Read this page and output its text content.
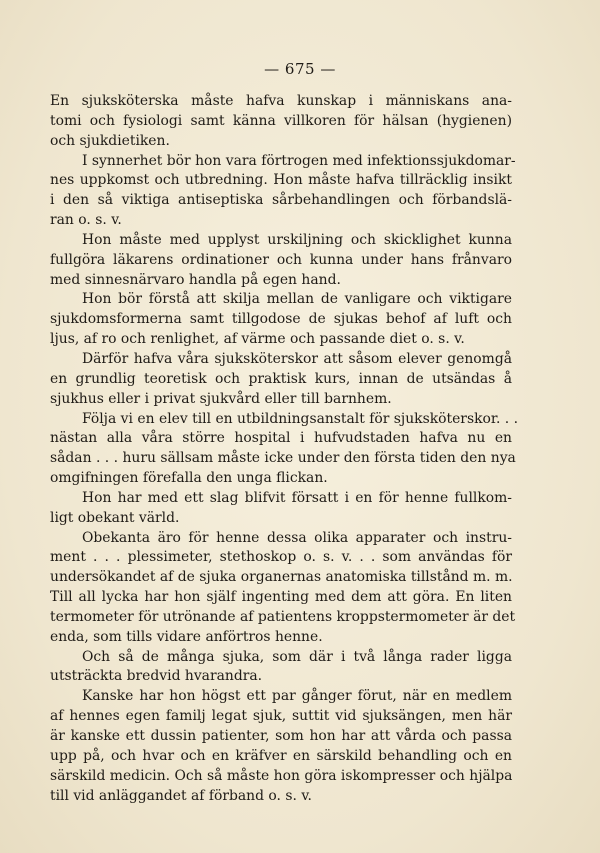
— 675 —
En sjuksköterska måste hafva kunskap i människans ana-
tomi och fysiologi samt känna villkoren för hälsan (hygienen)
och sjukdietiken.
I synnerhet bör hon vara förtrogen med infektionssjukdomar-
nes uppkomst och utbredning. Hon måste hafva tillräcklig insikt
i den så viktiga antiseptiska sårbehandlingen och förbandslä-
ran o. s. v.
Hon måste med upplyst urskiljning och skicklighet kunna
fullgöra läkarens ordinationer och kunna under hans frånvaro
med sinnesnärvaro handla på egen hand.
Hon bör förstå att skilja mellan de vanligare och viktigare
sjukdomsformerna samt tillgodose de sjukas behof af luft och
ljus, af ro och renlighet, af värme och passande diet o. s. v.
Därför hafva våra sjuksköterskor att såsom elever genomgå
en grundlig teoretisk och praktisk kurs, innan de utsändas å
sjukhus eller i privat sjukvård eller till barnhem.
Följa vi en elev till en utbildningsanstalt för sjuksköterskor. . .
nästan alla våra större hospital i hufvudstaden hafva nu en
sådan . . . huru sällsam måste icke under den första tiden den nya
omgifningen förefalla den unga flickan.
Hon har med ett slag blifvit försatt i en för henne fullkom-
ligt obekant värld.
Obekanta äro för henne dessa olika apparater och instru-
ment . . . plessimeter, stethoskop o. s. v. . . som användas för
undersökandet af de sjuka organernas anatomiska tillstånd m. m.
Till all lycka har hon själf ingenting med dem att göra. En liten
termometer för utrönande af patientens kroppstermometer är det
enda, som tills vidare anförtros henne.
Och så de många sjuka, som där i två långa rader ligga
utsträckta bredvid hvarandra.
Kanske har hon högst ett par gånger förut, när en medlem
af hennes egen familj legat sjuk, suttit vid sjuksängen, men här
är kanske ett dussin patienter, som hon har att vårda och passa
upp på, och hvar och en kräfver en särskild behandling och en
särskild medicin. Och så måste hon göra iskompresser och hjälpa
till vid anläggandet af förband o. s. v.
